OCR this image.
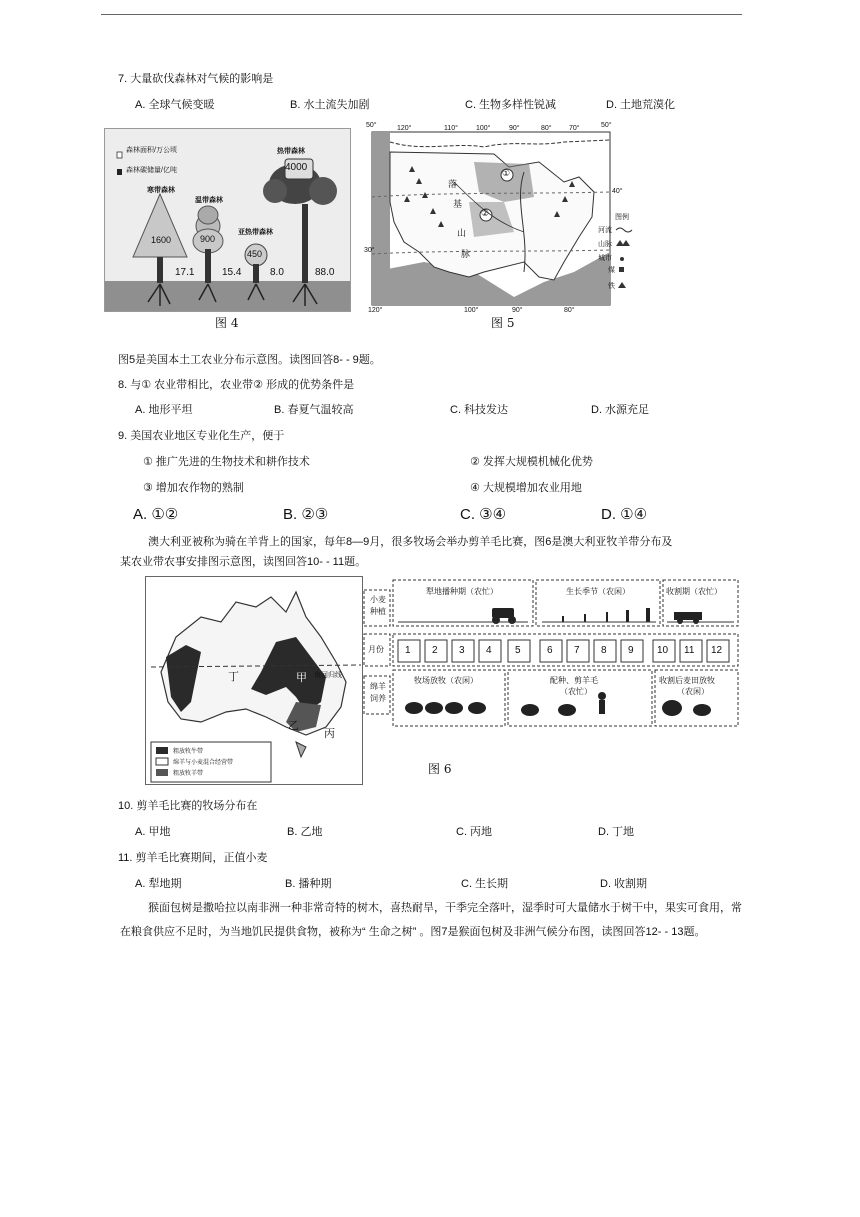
7. 大量砍伐森林对气候的影响是
A. 全球气候变暖	B. 水土流失加剧	C. 生物多样性锐减	D. 土地荒漠化
森林面积/万公顷
森林碳储量/亿吨
寒带森林
温带森林
亚热带森林
热带森林
1600	900
450
4000
17.1	15.4	8.0	88.0
图 4
50°	120°	110°	100°	90°	80° 70°	50°
120°	100°	90°	80°
40°
30°
落
基
山
脉
①
②	图例
河流
山脉
城市
煤
铁
图 5
图5是美国本土工农业分布示意图。读图回答8- - 9题。
8. 与① 农业带相比，农业带② 形成的优势条件是
A. 地形平坦	B. 春夏气温较高	C. 科技发达	D. 水源充足
9. 美国农业地区专业化生产，便于
① 推广先进的生物技术和耕作技术	② 发挥大规模机械化优势
③ 增加农作物的熟制	④ 大规模增加农业用地
A. ①②	B. ②③	C. ③④	D. ①④
澳大利亚被称为骑在羊背上的国家，每年8—9月，很多牧场会举办剪羊毛比赛，图6是澳大利亚牧羊带分布及
某农业带农事安排图示意图，读图回答10- - 11题。
丁	甲
乙
丙
南回归线
粗放牧牛带
绵羊与小麦混合经营带
粗放牧羊带
小麦种植
月份
绵羊饲养
犁地播种期（农忙）	生长季节（农闲）	收割期（农忙）
1 2 3 4 5	6 7 8 9 10 11 12
牧场放牧（农闲）	配种、剪羊毛
（农忙）
收割后麦田放牧
（农闲）
图 6
10. 剪羊毛比赛的牧场分布在
A. 甲地	B. 乙地	C. 丙地	D. 丁地
11. 剪羊毛比赛期间，正值小麦
A. 犁地期	B. 播种期	C. 生长期	D. 收割期
猴面包树是撒哈拉以南非洲一种非常奇特的树木，喜热耐旱，干季完全落叶，湿季时可大量储水于树干中，果实可食用，常在粮食供应不足时，为当地饥民提供食物，被称为“ 生命之树” 。图7是猴面包树及非洲气候分布图，读图回答12- - 13题。
